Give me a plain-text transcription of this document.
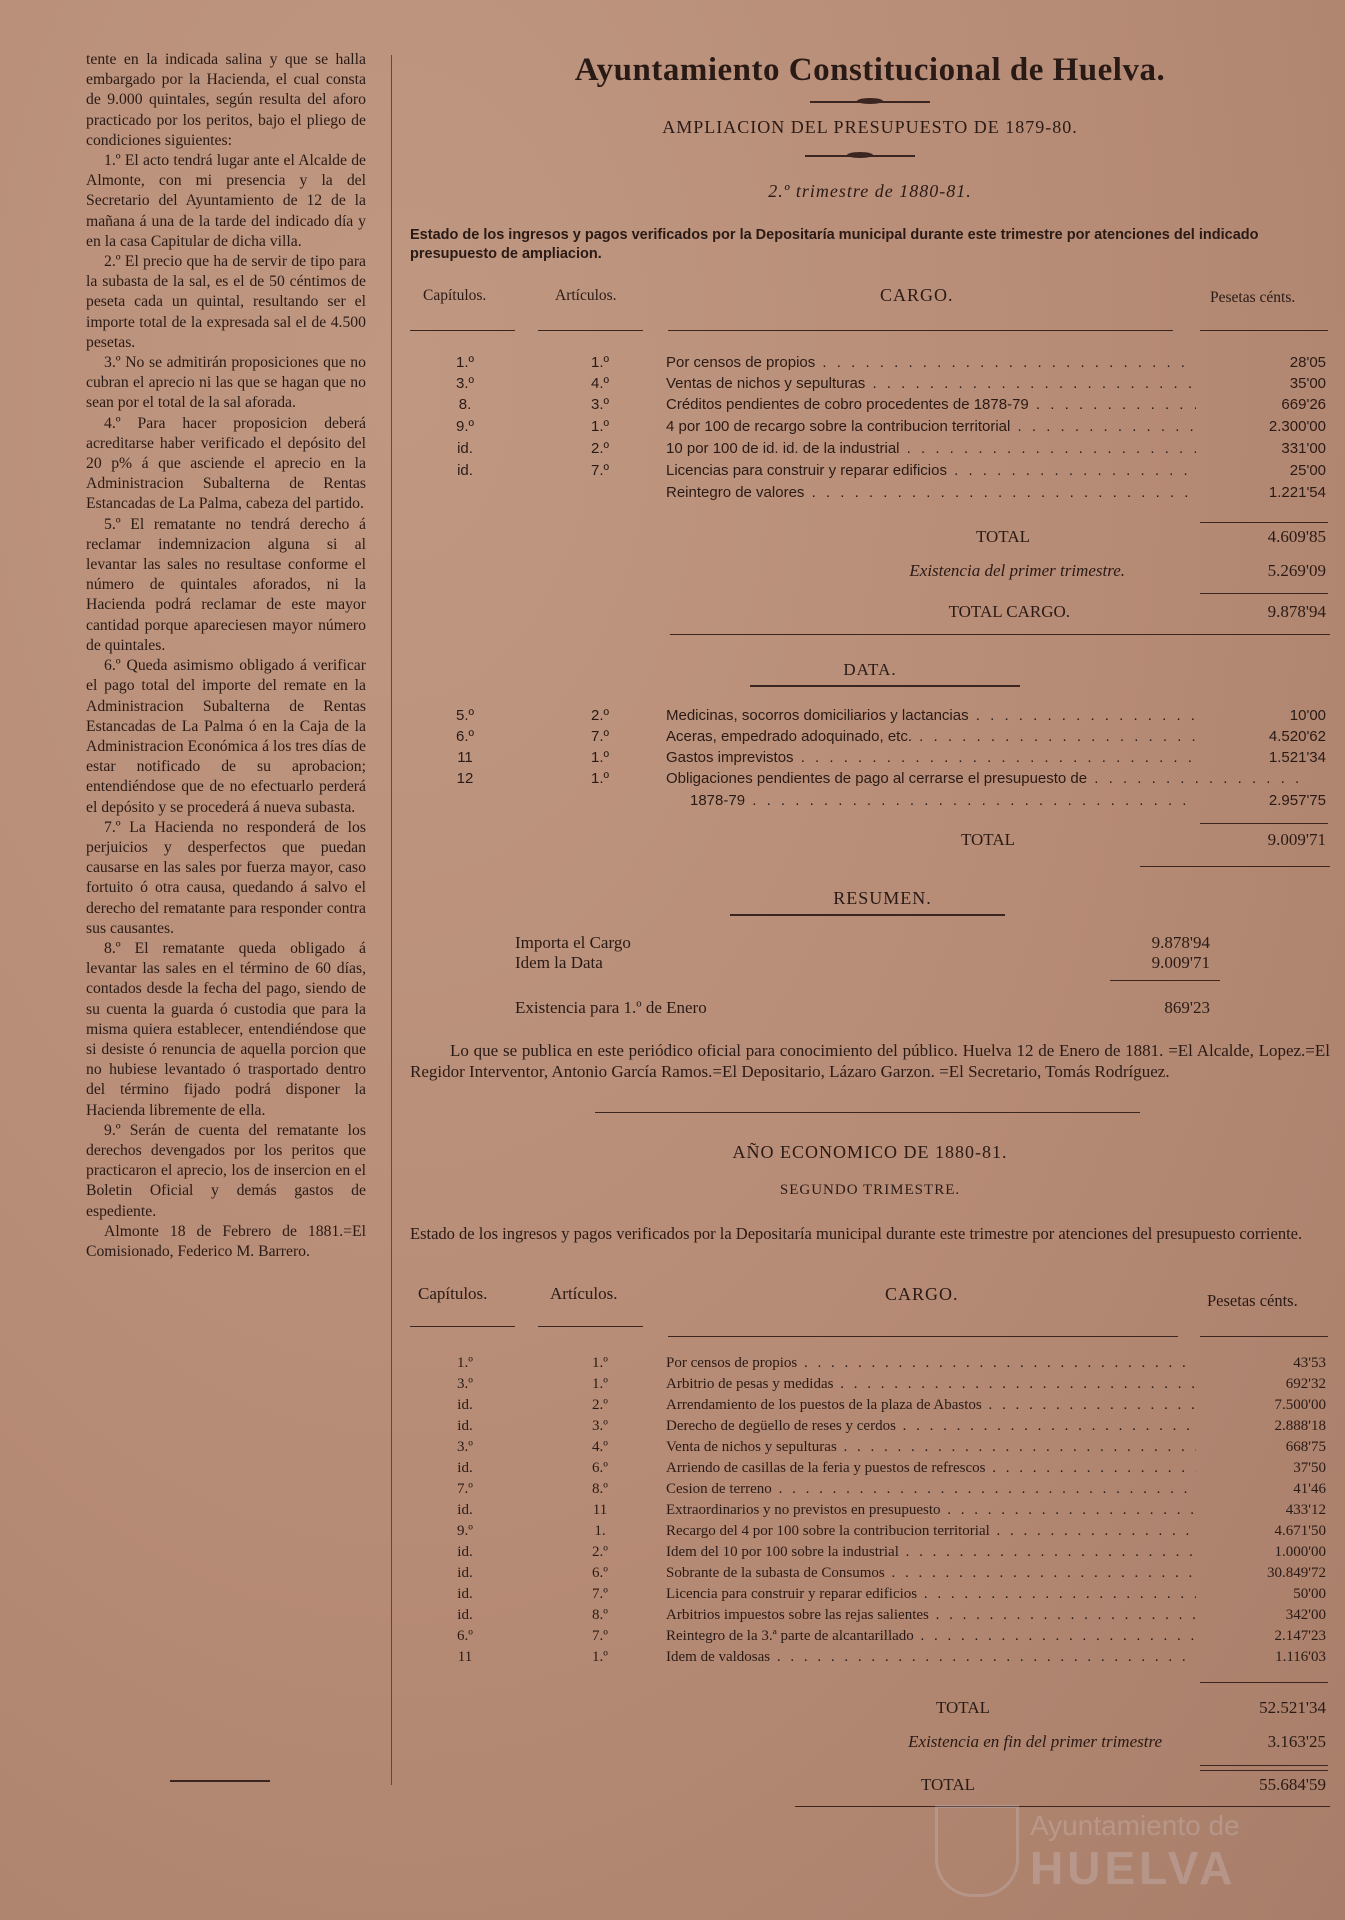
tente en la indicada salina y que se halla embargado por la Hacienda, el cual consta de 9.000 quintales, según resulta del aforo practicado por los peritos, bajo el pliego de condiciones siguientes:

1.º El acto tendrá lugar ante el Alcalde de Almonte, con mi presencia y la del Secretario del Ayuntamiento de 12 de la mañana á una de la tarde del indicado día y en la casa Capitular de dicha villa.

2.º El precio que ha de servir de tipo para la subasta de la sal, es el de 50 céntimos de peseta cada un quintal, resultando ser el importe total de la expresada sal el de 4.500 pesetas.

3.º No se admitirán proposiciones que no cubran el aprecio ni las que se hagan que no sean por el total de la sal aforada.

4.º Para hacer proposicion deberá acreditarse haber verificado el depósito del 20 p% á que asciende el aprecio en la Administracion Subalterna de Rentas Estancadas de La Palma, cabeza del partido.

5.º El rematante no tendrá derecho á reclamar indemnizacion alguna si al levantar las sales no resultase conforme el número de quintales aforados, ni la Hacienda podrá reclamar de este mayor cantidad porque apareciesen mayor número de quintales.

6.º Queda asimismo obligado á verificar el pago total del importe del remate en la Administracion Subalterna de Rentas Estancadas de La Palma ó en la Caja de la Administracion Económica á los tres días de estar notificado de su aprobacion; entendiéndose que de no efectuarlo perderá el depósito y se procederá á nueva subasta.

7.º La Hacienda no responderá de los perjuicios y desperfectos que puedan causarse en las sales por fuerza mayor, caso fortuito ó otra causa, quedando á salvo el derecho del rematante para responder contra sus causantes.

8.º El rematante queda obligado á levantar las sales en el término de 60 días, contados desde la fecha del pago, siendo de su cuenta la guarda ó custodia que para la misma quiera establecer, entendiéndose que si desiste ó renuncia de aquella porcion que no hubiese levantado ó trasportado dentro del término fijado podrá disponer la Hacienda libremente de ella.

9.º Serán de cuenta del rematante los derechos devengados por los peritos que practicaron el aprecio, los de insercion en el Boletin Oficial y demás gastos de espediente.

Almonte 18 de Febrero de 1881.=El Comisionado, Federico M. Barrero.

Ayuntamiento Constitucional de Huelva.
AMPLIACION DEL PRESUPUESTO DE 1879-80.
2.º trimestre de 1880-81.
Estado de los ingresos y pagos verificados por la Depositaría municipal durante este trimestre por atenciones del indicado presupuesto de ampliacion.
Capítulos.	Artículos.	CARGO.	Pesetas cénts.
1.º	1.º	Por censos de propios . . .	28'05
3.º	4.º	Ventas de nichos y sepulturas . . .	35'00
8.	3.º	Créditos pendientes de cobro procedentes de 1878-79 . . .	669'26
9.º	1.º	4 por 100 de recargo sobre la contribucion territorial . . .	2.300'00
id.	2.º	10 por 100 de id. id. de la industrial . . .	331'00
id.	7.º	Licencias para construir y reparar edificios . . .	25'00
Reintegro de valores . . .	1.221'54
TOTAL	4.609'85
Existencia del primer trimestre.	5.269'09
TOTAL CARGO.	9.878'94
DATA.
5.º	2.º	Medicinas, socorros domiciliarios y lactancias . . .	10'00
6.º	7.º	Aceras, empedrado adoquinado, etc. . . .	4.520'62
11	1.º	Gastos imprevistos . . .	1.521'34
12	1.º	Obligaciones pendientes de pago al cerrarse el presupuesto de . . .
1878-79 . . .	2.957'75
TOTAL	9.009'71
RESUMEN.
Importa el Cargo	9.878'94
Idem la Data	9.009'71
Existencia para 1.º de Enero	869'23
Lo que se publica en este periódico oficial para conocimiento del público. Huelva 12 de Enero de 1881. =El Alcalde, Lopez.=El Regidor Interventor, Antonio García Ramos.=El Depositario, Lázaro Garzon. =El Secretario, Tomás Rodríguez.
AÑO ECONOMICO DE 1880-81.
SEGUNDO TRIMESTRE.
Estado de los ingresos y pagos verificados por la Depositaría municipal durante este trimestre por atenciones del presupuesto corriente.
Capítulos.	Artículos.	CARGO.	Pesetas cénts.
1.º	1.º	Por censos de propios . . .	43'53
3.º	1.º	Arbitrio de pesas y medidas . . .	692'32
id.	2.º	Arrendamiento de los puestos de la plaza de Abastos . . .	7.500'00
id.	3.º	Derecho de degüello de reses y cerdos . . .	2.888'18
3.º	4.º	Venta de nichos y sepulturas . . .	668'75
id.	6.º	Arriendo de casillas de la feria y puestos de refrescos . . .	37'50
7.º	8.º	Cesion de terreno . . .	41'46
id.	11	Extraordinarios y no previstos en presupuesto . . .	433'12
9.º	1.	Recargo del 4 por 100 sobre la contribucion territorial . . .	4.671'50
id.	2.º	Idem del 10 por 100 sobre la industrial . . .	1.000'00
id.	6.º	Sobrante de la subasta de Consumos . . .	30.849'72
id.	7.º	Licencia para construir y reparar edificios . . .	50'00
id.	8.º	Arbitrios impuestos sobre las rejas salientes . . .	342'00
6.º	7.º	Reintegro de la 3.ª parte de alcantarillado . . .	2.147'23
11	1.º	Idem de valdosas . . .	1.116'03
TOTAL	52.521'34
Existencia en fin del primer trimestre	3.163'25
TOTAL	55.684'59
Ayuntamiento de
HUELVA
